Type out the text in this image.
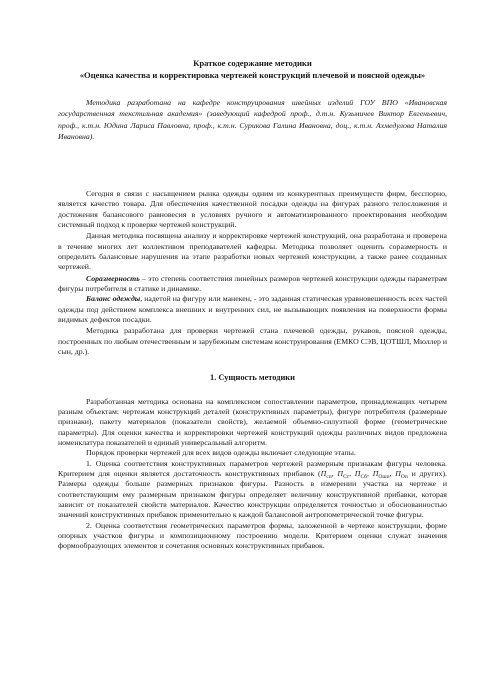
Краткое содержание методики
«Оценка качества и корректировка чертежей конструкций плечевой и поясной одежды»

Методика разработана на кафедре конструирования швейных изделий ГОУ ВПО «Ивановская государственная текстильная академия» (заведующий кафедрой проф., д.т.н. Кузьмичев Виктор Евгеньевич, проф., к.т.н. Юдина Лариса Павловна, проф., к.т.н. Сурикова Галина Ивановна, доц., к.т.н. Ахмедулова Наталия Ивановна).

Сегодня в связи с насыщением рынка одежды одним из конкурентных преимуществ фирм, бесспорно, является качество товара. Для обеспечения качественной посадки одежды на фигурах разного телосложения и достижения балансового равновесия в условиях ручного и автоматизированного проектирования необходим системный подход к проверке чертежей конструкций.

Данная методика посвящена анализу и корректировке чертежей конструкций, она разработана и проверена в течение многих лет коллективом преподавателей кафедры. Методика позволяет оценить соразмерность и определить балансовые нарушения на этапе разработки новых чертежей конструкции, а также ранее созданных чертежей.

Соразмерность – это степень соответствия линейных размеров чертежей конструкции одежды параметрам фигуры потребителя в статике и динамике.

Баланс одежды, надетой на фигуру или манекен, - это заданная статическая уравновешенность всех частей одежды под действием комплекса внешних и внутренних сил, не вызывающих появления на поверхности формы видимых дефектов посадки.

Методика разработана для проверки чертежей стана плечевой одежды, рукавов, поясной одежды, построенных по любым отечественным и зарубежным системам конструирования (ЕМКО СЭВ, ЦОТШЛ, Мюллер и сын, др.).

1. Сущность методики

Разработанная методика основана на комплексном сопоставлении параметров, принадлежащих четырем разным объектам: чертежам конструкций деталей (конструктивных параметры), фигуре потребителя (размерные признаки), пакету материалов (показатели свойств), желаемой объемно-силуэтной форме (геометрические параметры). Для оценки качества и корректировки чертежей конструкций одежды различных видов предложена номенклатура показателей и единый универсальный алгоритм.

Порядок проверки чертежей для всех видов одежды включает следующие этапы.

1. Оценка соответствия конструктивных параметров чертежей размерным признакам фигуры человека. Критерием для оценки является достаточность конструктивных прибавок ($П_{сп}$, $П_{Ст}$, $П_{Сб}$, $П_{Ошп}$, $П_{Оп}$ и других). Размеры одежды больше размерных признаков фигуры. Разность в измерении участка на чертеже и соответствующим ему размерным признаком фигуры определяет величину конструктивной прибавки, которая зависит от показателей свойств материалов. Качество конструкции определяется точностью и обоснованностью значений конструктивных прибавок применительно к каждой балансовой антропометрической точке фигуры.

2. Оценка соответствия геометрических параметров формы, заложенной в чертеже конструкции, форме опорных участков фигуры и композиционному построению модели. Критерием оценки служат значения формообразующих элементов и сочетания основных конструктивных прибавок.
